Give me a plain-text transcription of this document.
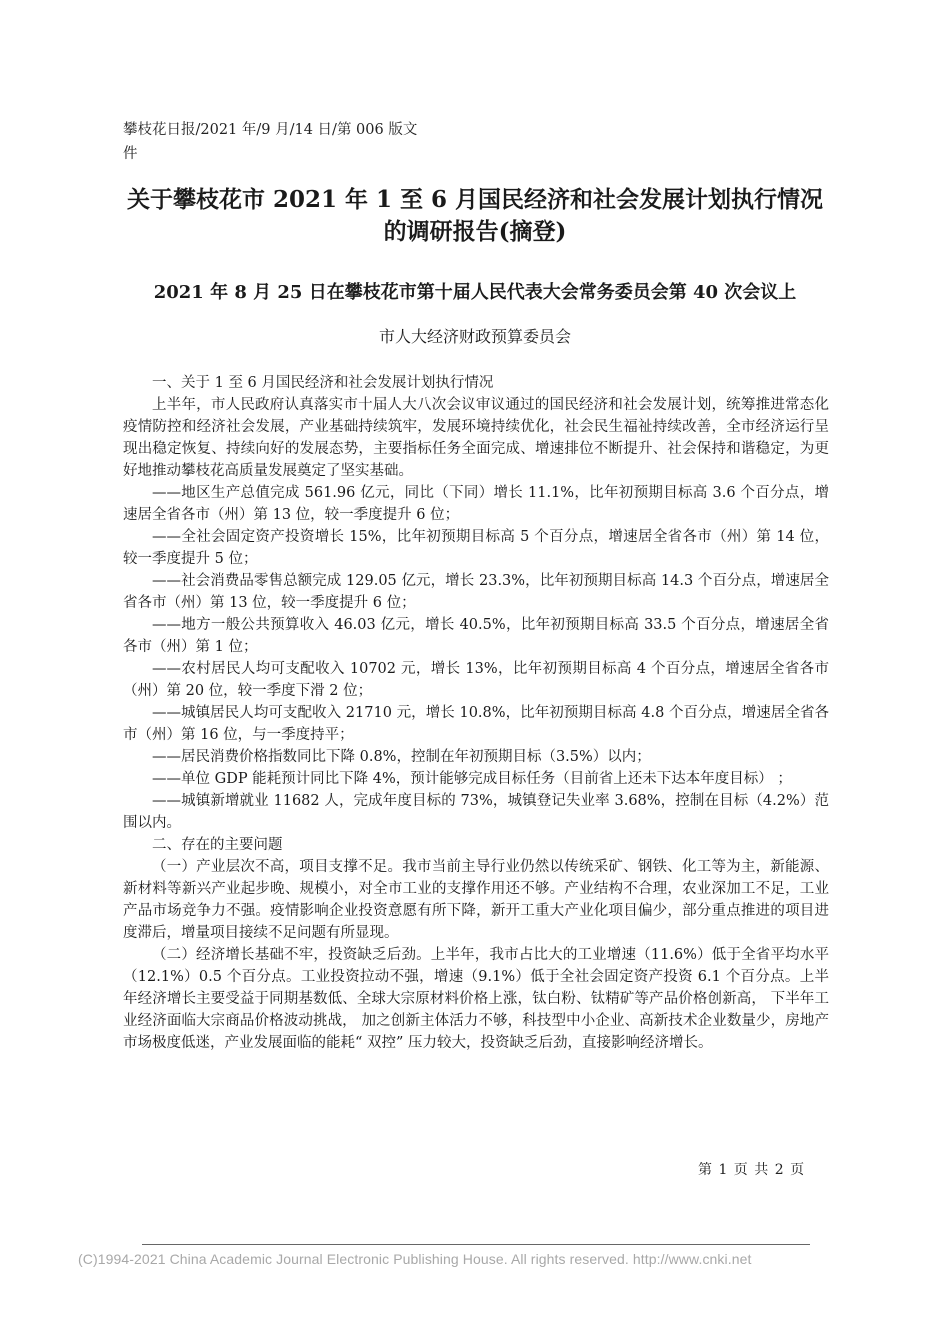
攀枝花日报/2021 年/9 月/14 日/第 006 版文件
关于攀枝花市 2021 年 1 至 6 月国民经济和社会发展计划执行情况的调研报告(摘登)
2021 年 8 月 25 日在攀枝花市第十届人民代表大会常务委员会第 40 次会议上
市人大经济财政预算委员会

一、关于 1 至 6 月国民经济和社会发展计划执行情况

上半年，市人民政府认真落实市十届人大八次会议审议通过的国民经济和社会发展计划，统筹推进常态化疫情防控和经济社会发展，产业基础持续筑牢，发展环境持续优化，社会民生福祉持续改善，全市经济运行呈现出稳定恢复、持续向好的发展态势，主要指标任务全面完成、增速排位不断提升、社会保持和谐稳定，为更好地推动攀枝花高质量发展奠定了坚实基础。

——地区生产总值完成 561.96 亿元，同比（下同）增长 11.1%，比年初预期目标高 3.6 个百分点，增速居全省各市（州）第 13 位，较一季度提升 6 位；

——全社会固定资产投资增长 15%，比年初预期目标高 5 个百分点，增速居全省各市（州）第 14 位，较一季度提升 5 位；

——社会消费品零售总额完成 129.05 亿元，增长 23.3%，比年初预期目标高 14.3 个百分点，增速居全省各市（州）第 13 位，较一季度提升 6 位；

——地方一般公共预算收入 46.03 亿元，增长 40.5%，比年初预期目标高 33.5 个百分点，增速居全省各市（州）第 1 位；

——农村居民人均可支配收入 10702 元，增长 13%，比年初预期目标高 4 个百分点，增速居全省各市（州）第 20 位，较一季度下滑 2 位；

——城镇居民人均可支配收入 21710 元，增长 10.8%，比年初预期目标高 4.8 个百分点，增速居全省各市（州）第 16 位，与一季度持平；

——居民消费价格指数同比下降 0.8%，控制在年初预期目标（3.5%）以内；

——单位 GDP 能耗预计同比下降 4%，预计能够完成目标任务（目前省上还未下达本年度目标） ；

——城镇新增就业 11682 人，完成年度目标的 73%，城镇登记失业率 3.68%，控制在目标（4.2%）范围以内。

二、存在的主要问题

（一）产业层次不高，项目支撑不足。我市当前主导行业仍然以传统采矿、钢铁、化工等为主，新能源、新材料等新兴产业起步晚、规模小，对全市工业的支撑作用还不够。产业结构不合理，农业深加工不足，工业产品市场竞争力不强。疫情影响企业投资意愿有所下降，新开工重大产业化项目偏少，部分重点推进的项目进度滞后，增量项目接续不足问题有所显现。

（二）经济增长基础不牢，投资缺乏后劲。上半年，我市占比大的工业增速（11.6%）低于全省平均水平（12.1%）0.5 个百分点。工业投资拉动不强，增速（9.1%）低于全社会固定资产投资 6.1 个百分点。上半年经济增长主要受益于同期基数低、全球大宗原材料价格上涨，钛白粉、钛精矿等产品价格创新高， 下半年工业经济面临大宗商品价格波动挑战， 加之创新主体活力不够，科技型中小企业、高新技术企业数量少，房地产市场极度低迷，产业发展面临的能耗“ 双控” 压力较大，投资缺乏后劲，直接影响经济增长。

第 1 页 共 2 页
(C)1994-2021 China Academic Journal Electronic Publishing House. All rights reserved. http://www.cnki.net
